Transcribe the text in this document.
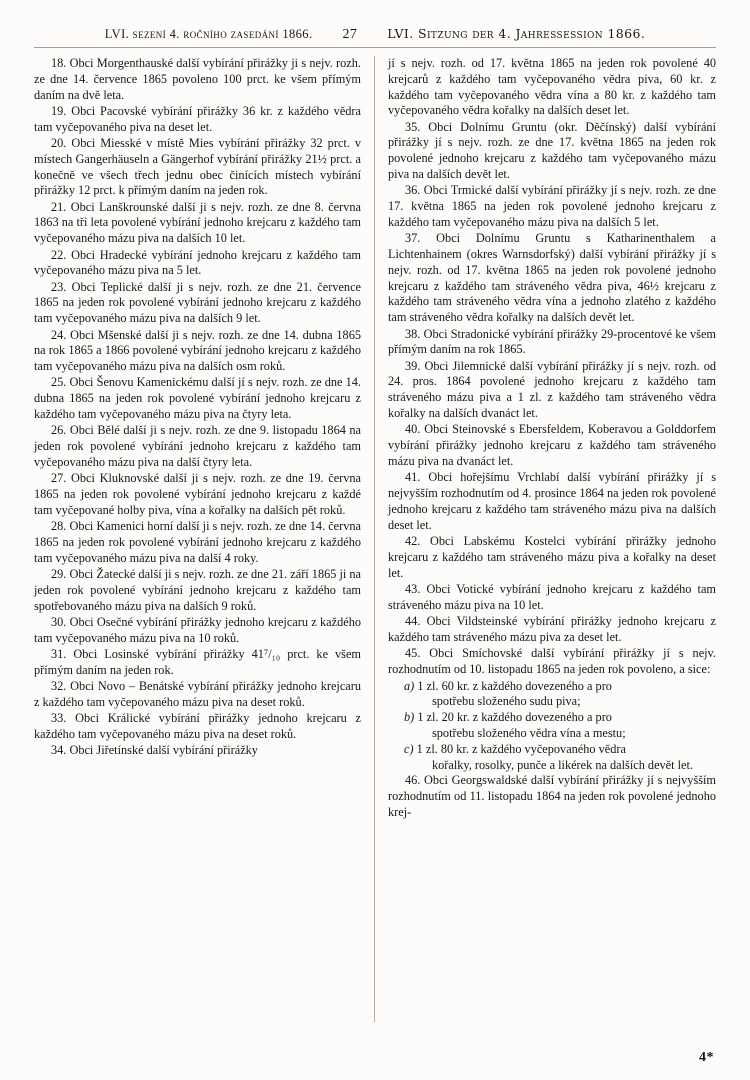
LVI. sezení 4. ročního zasedání 1866. 27	LVI. Sitzung der 4. Jahressession 1866.

18. Obci Morgenthauské další vybírání přirážky ji s nejv. rozh. ze dne 14. července 1865 povoleno 100 prct. ke všem přímým daním na dvě leta.

19. Obci Pacovské vybírání přirážky 36 kr. z každého vědra tam vyčepovaného piva na deset let.

20. Obci Miesské v místě Mies vybírání přirážky 32 prct. v místech Gangerhäuseln a Gängerhof vybírání přirážky 21½ prct. a konečně ve všech třech jednu obec činících místech vybírání přirážky 12 prct. k přímým daním na jeden rok.

21. Obci Lanškrounské další ji s nejv. rozh. ze dne 8. června 1863 na tři leta povolené vybírání jednoho krejcaru z každého tam vyčepovaného mázu piva na dalších 10 let.

22. Obci Hradecké vybírání jednoho krejcaru z každého tam vyčepovaného mázu piva na 5 let.

23. Obci Teplické další ji s nejv. rozh. ze dne 21. července 1865 na jeden rok povolené vybírání jednoho krejcaru z každého tam vyčepovaného mázu piva na dalších 9 let.

24. Obci Mšenské další ji s nejv. rozh. ze dne 14. dubna 1865 na rok 1865 a 1866 povolené vybírání jednoho krejcaru z každého tam vyčepovaného mázu piva na dalších osm roků.

25. Obci Šenovu Kamenickému další jí s nejv. rozh. ze dne 14. dubna 1865 na jeden rok povolené vybírání jednoho krejcaru z každého tam vyčepovaného mázu piva na čtyry leta.

26. Obci Bělé další ji s nejv. rozh. ze dne 9. listopadu 1864 na jeden rok povolené vybírání jednoho krejcaru z každého tam vyčepovaného mázu piva na další čtyry leta.

27. Obci Kluknovské další ji s nejv. rozh. ze dne 19. června 1865 na jeden rok povolené vybírání jednoho krejcaru z každé tam vyčepované holby piva, vína a kořalky na dalších pět roků.

28. Obci Kamenici horní další ji s nejv. rozh. ze dne 14. června 1865 na jeden rok povolené vybírání jednoho krejcaru z každého tam vyčepovaného mázu piva na další 4 roky.

29. Obci Žatecké další ji s nejv. rozh. ze dne 21. září 1865 ji na jeden rok povolené vybírání jednoho krejcaru z každého tam spotřebovaného mázu piva na dalších 9 roků.

30. Obci Osečné vybírání přirážky jednoho krejcaru z každého tam vyčepovaného mázu piva na 10 roků.

31. Obci Losinské vybírání přirážky 41⁷/₁₀ prct. ke všem přímým daním na jeden rok.

32. Obci Novo – Benátské vybírání přirážky jednoho krejcaru z každého tam vyčepovaného mázu piva na deset roků.

33. Obci Králické vybírání přirážky jednoho krejcaru z každého tam vyčepovaného mázu piva na deset roků.

34. Obci Jiřetínské další vybírání přirážky

jí s nejv. rozh. od 17. května 1865 na jeden rok povolené 40 krejcarů z každého tam vyčepovaného vědra piva, 60 kr. z každého tam vyčepovaného vědra vína a 80 kr. z každého tam vyčepovaného vědra kořalky na dalších deset let.

35. Obci Dolnímu Gruntu (okr. Děčínský) další vybírání přirážky jí s nejv. rozh. ze dne 17. května 1865 na jeden rok povolené jednoho krejcaru z každého tam vyčepovaného mázu piva na dalších devět let.

36. Obci Trmické další vybírání přirážky jí s nejv. rozh. ze dne 17. května 1865 na jeden rok povolené jednoho krejcaru z každého tam vyčepovaného mázu piva na dalších 5 let.

37. Obci Dolnímu Gruntu s Katharinenthalem a Lichtenhainem (okres Warnsdorfský) další vybírání přirážky jí s nejv. rozh. od 17. května 1865 na jeden rok povolené jednoho krejcaru z každého tam stráveného vědra piva, 46½ krejcaru z každého tam stráveného vědra vína a jednoho zlatého z každého tam stráveného vědra kořalky na dalších devět let.

38. Obci Stradonické vybírání přirážky 29-procentové ke všem přímým daním na rok 1865.

39. Obci Jilemnické další vybírání přirážky jí s nejv. rozh. od 24. pros. 1864 povolené jednoho krejcaru z každého tam stráveného mázu piva a 1 zl. z každého tam stráveného vědra kořalky na dalších dvanáct let.

40. Obci Steinovské s Ebersfeldem, Koberavou a Golddorfem vybírání přirážky jednoho krejcaru z každého tam stráveného mázu piva na dvanáct let.

41. Obci hořejšímu Vrchlabí další vybírání přirážky jí s nejvyšším rozhodnutím od 4. prosince 1864 na jeden rok povolené jednoho krejcaru z každého tam stráveného mázu piva na dalších deset let.

42. Obci Labskému Kostelci vybírání přirážky jednoho krejcaru z každého tam stráveného mázu piva a kořalky na deset let.

43. Obci Votické vybírání jednoho krejcaru z každého tam stráveného mázu piva na 10 let.

44. Obci Vildsteinské vybírání přirážky jednoho krejcaru z každého tam stráveného mázu piva za deset let.

45. Obci Smíchovské další vybírání přirážky jí s nejv. rozhodnutím od 10. listopadu 1865 na jeden rok povoleno, a sice:

a) 1 zl. 60 kr. z každého dovezeného a pro
spotřebu složeného sudu piva;
b) 1 zl. 20 kr. z každého dovezeného a pro
spotřebu složeného vědra vína a mestu;
c) 1 zl. 80 kr. z každého vyčepovaného vědra
kořalky, rosolky, punče a likérek na dalších devět let.

46. Obci Georgswaldské další vybírání přirážky jí s nejvyšším rozhodnutím od 11. listopadu 1864 na jeden rok povolené jednoho krej-

4*
